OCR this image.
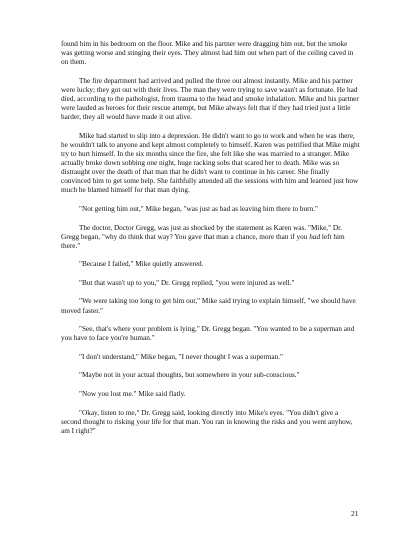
found him in his bedroom on the floor. Mike and his partner were dragging him out, but the smoke was getting worse and stinging their eyes. They almost had him out when part of the ceiling caved in on them.

The fire department had arrived and pulled the three out almost instantly. Mike and his partner were lucky; they got out with their lives. The man they were trying to save wasn't as fortunate. He had died, according to the pathologist, from trauma to the head and smoke inhalation. Mike and his partner were lauded as heroes for their rescue attempt, but Mike always felt that if they had tried just a little harder, they all would have made it out alive.

Mike had started to slip into a depression. He didn't want to go to work and when he was there, he wouldn't talk to anyone and kept almost completely to himself. Karen was petrified that Mike might try to hurt himself. In the six months since the fire, she felt like she was married to a stranger. Mike actually broke down sobbing one night, huge racking sobs that scared her to death. Mike was so distraught over the death of that man that he didn't want to continue in his career. She finally convinced him to get some help. She faithfully attended all the sessions with him and learned just how much he blamed himself for that man dying.

"Not getting him out," Mike began, "was just as bad as leaving him there to burn."

The doctor, Doctor Gregg, was just as shocked by the statement as Karen was. "Mike," Dr. Gregg began, "why do think that way? You gave that man a chance, more than if you had left him there."

"Because I failed," Mike quietly answered.

"But that wasn't up to you," Dr. Gregg replied, "you were injured as well."

"We were taking too long to get him out," Mike said trying to explain himself, "we should have moved faster."

"See, that's where your problem is lying," Dr. Gregg began. "You wanted to be a superman and you have to face you're human."

"I don't understand," Mike began, "I never thought I was a superman."

"Maybe not in your actual thoughts, but somewhere in your sub-conscious."

"Now you lost me." Mike said flatly.

"Okay, listen to me," Dr. Gregg said, looking directly into Mike's eyes. "You didn't give a second thought to risking your life for that man. You ran in knowing the risks and you went anyhow, am I right?"

21
